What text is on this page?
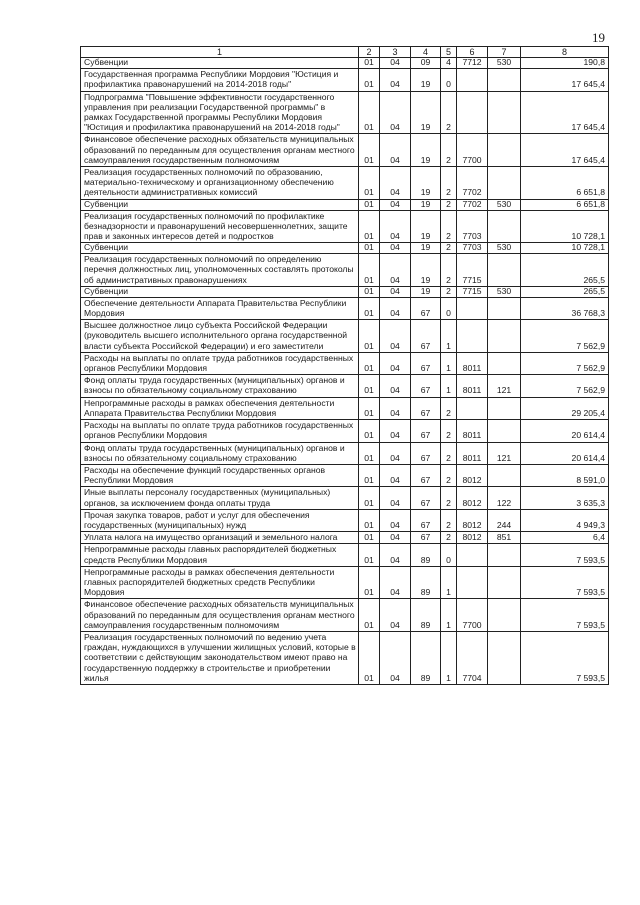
19
1	2	3	4	5	6	7	8
Субвенции	01	04	09	4	7712	530	190,8
Государственная программа Республики Мордовия "Юстиция и профилактика правонарушений на 2014-2018 годы"	01	04	19	0			17 645,4
Подпрограмма "Повышение эффективности государственного управления при реализации Государственной программы" в рамках Государственной программы Республики Мордовия "Юстиция и профилактика правонарушений на 2014-2018 годы"	01	04	19	2			17 645,4
Финансовое обеспечение расходных обязательств муниципальных образований по переданным для осуществления органам местного самоуправления государственным полномочиям	01	04	19	2	7700		17 645,4
Реализация государственных полномочий по образованию, материально-техническому и организационному обеспечению деятельности административных комиссий	01	04	19	2	7702		6 651,8
Субвенции	01	04	19	2	7702	530	6 651,8
Реализация государственных полномочий по профилактике безнадзорности и правонарушений несовершеннолетних, защите прав и законных интересов детей и подростков	01	04	19	2	7703		10 728,1
Субвенции	01	04	19	2	7703	530	10 728,1
Реализация государственных полномочий по определению перечня должностных лиц, уполномоченных составлять протоколы об административных правонарушениях	01	04	19	2	7715		265,5
Субвенции	01	04	19	2	7715	530	265,5
Обеспечение деятельности Аппарата Правительства Республики Мордовия	01	04	67	0			36 768,3
Высшее должностное лицо субъекта Российской Федерации (руководитель высшего исполнительного органа государственной власти субъекта Российской Федерации) и его заместители	01	04	67	1			7 562,9
Расходы на выплаты по оплате труда работников государственных органов Республики Мордовия	01	04	67	1	8011		7 562,9
Фонд оплаты труда государственных (муниципальных) органов и взносы по обязательному социальному страхованию	01	04	67	1	8011	121	7 562,9
Непрограммные расходы в рамках обеспечения деятельности Аппарата Правительства Республики Мордовия	01	04	67	2			29 205,4
Расходы на выплаты по оплате труда работников государственных органов Республики Мордовия	01	04	67	2	8011		20 614,4
Фонд оплаты труда государственных (муниципальных) органов и взносы по обязательному социальному страхованию	01	04	67	2	8011	121	20 614,4
Расходы на обеспечение функций государственных органов Республики Мордовия	01	04	67	2	8012		8 591,0
Иные выплаты персоналу государственных (муниципальных) органов, за исключением фонда оплаты труда	01	04	67	2	8012	122	3 635,3
Прочая закупка товаров, работ и услуг для обеспечения государственных (муниципальных) нужд	01	04	67	2	8012	244	4 949,3
Уплата налога на имущество организаций и земельного налога	01	04	67	2	8012	851	6,4
Непрограммные расходы главных распорядителей бюджетных средств Республики Мордовия	01	04	89	0			7 593,5
Непрограммные расходы в рамках обеспечения деятельности главных распорядителей бюджетных средств Республики Мордовия	01	04	89	1			7 593,5
Финансовое обеспечение расходных обязательств муниципальных образований по переданным для осуществления органам местного самоуправления государственным полномочиям	01	04	89	1	7700		7 593,5
Реализация государственных полномочий по ведению учета граждан, нуждающихся в улучшении жилищных условий, которые в соответствии с действующим законодательством имеют право на государственную поддержку в строительстве и приобретении жилья	01	04	89	1	7704		7 593,5
